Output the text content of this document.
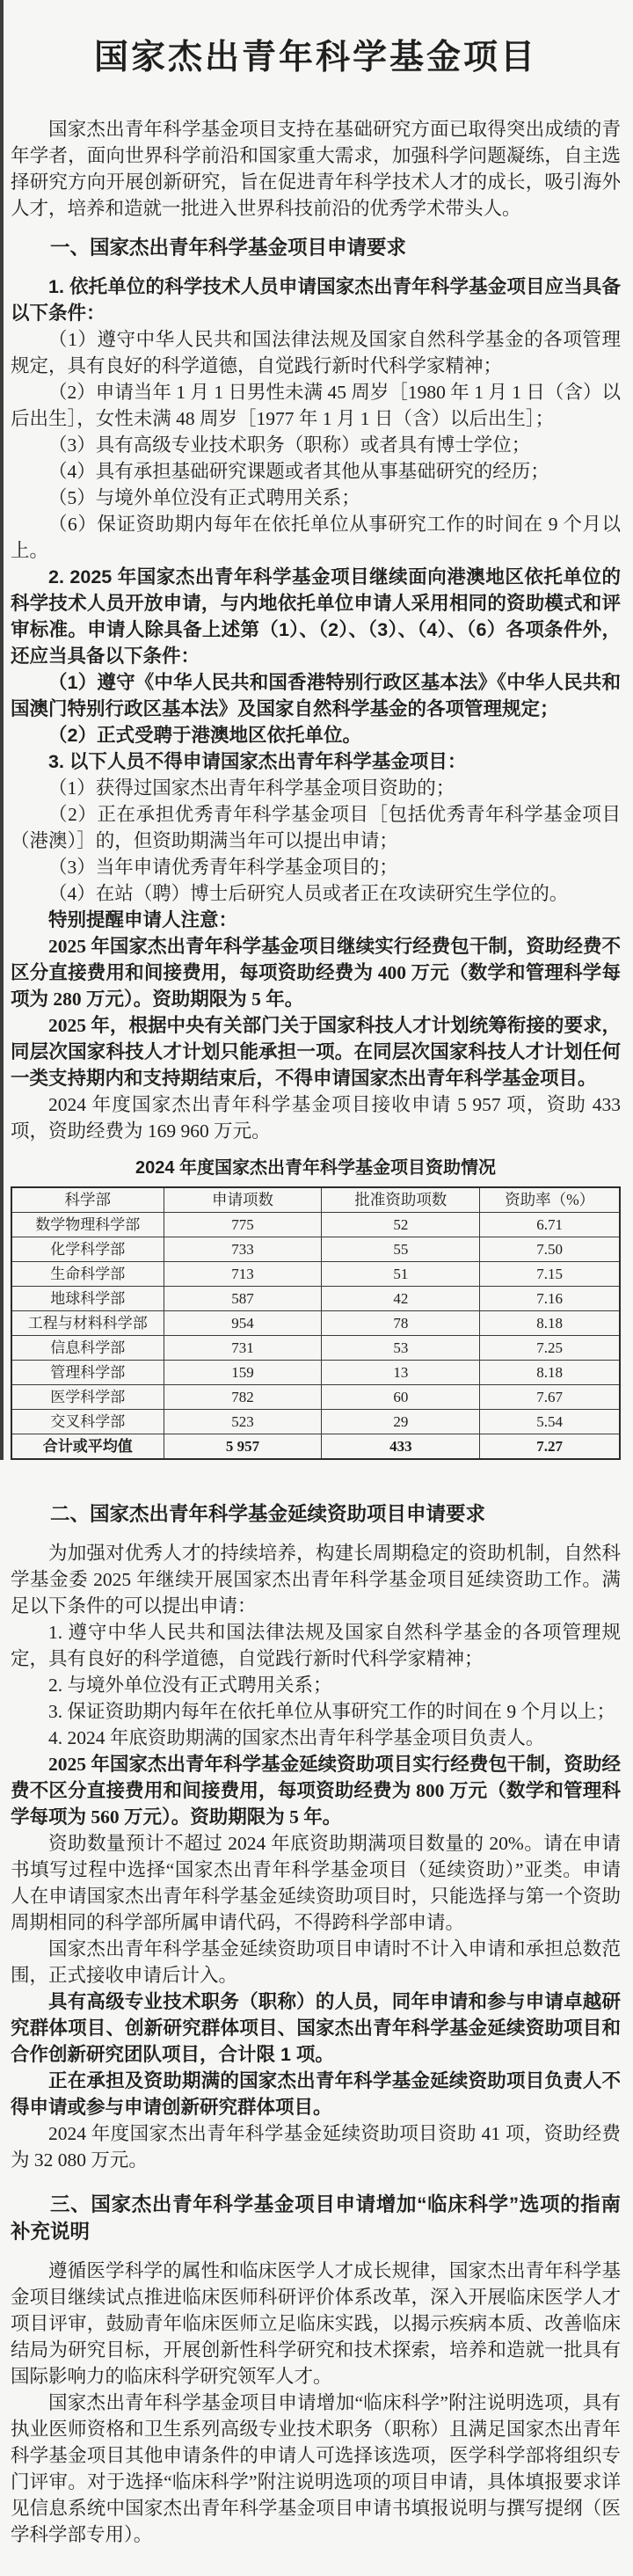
国家杰出青年科学基金项目

国家杰出青年科学基金项目支持在基础研究方面已取得突出成绩的青年学者，面向世界科学前沿和国家重大需求，加强科学问题凝练，自主选择研究方向开展创新研究，旨在促进青年科学技术人才的成长，吸引海外人才，培养和造就一批进入世界科技前沿的优秀学术带头人。

一、国家杰出青年科学基金项目申请要求

1. 依托单位的科学技术人员申请国家杰出青年科学基金项目应当具备以下条件：

（1）遵守中华人民共和国法律法规及国家自然科学基金的各项管理规定，具有良好的科学道德，自觉践行新时代科学家精神；

（2）申请当年 1 月 1 日男性未满 45 周岁［1980 年 1 月 1 日（含）以后出生］，女性未满 48 周岁［1977 年 1 月 1 日（含）以后出生］；

（3）具有高级专业技术职务（职称）或者具有博士学位；

（4）具有承担基础研究课题或者其他从事基础研究的经历；

（5）与境外单位没有正式聘用关系；

（6）保证资助期内每年在依托单位从事研究工作的时间在 9 个月以上。

2. 2025 年国家杰出青年科学基金项目继续面向港澳地区依托单位的科学技术人员开放申请，与内地依托单位申请人采用相同的资助模式和评审标准。申请人除具备上述第（1）、（2）、（3）、（4）、（6）各项条件外，还应当具备以下条件：

（1）遵守《中华人民共和国香港特别行政区基本法》《中华人民共和国澳门特别行政区基本法》及国家自然科学基金的各项管理规定；

（2）正式受聘于港澳地区依托单位。

3. 以下人员不得申请国家杰出青年科学基金项目：

（1）获得过国家杰出青年科学基金项目资助的；

（2）正在承担优秀青年科学基金项目［包括优秀青年科学基金项目（港澳）］的，但资助期满当年可以提出申请；

（3）当年申请优秀青年科学基金项目的；

（4）在站（聘）博士后研究人员或者正在攻读研究生学位的。

特别提醒申请人注意：

2025 年国家杰出青年科学基金项目继续实行经费包干制，资助经费不区分直接费用和间接费用，每项资助经费为 400 万元（数学和管理科学每项为 280 万元）。资助期限为 5 年。

2025 年，根据中央有关部门关于国家科技人才计划统筹衔接的要求，同层次国家科技人才计划只能承担一项。在同层次国家科技人才计划任何一类支持期内和支持期结束后，不得申请国家杰出青年科学基金项目。

2024 年度国家杰出青年科学基金项目接收申请 5 957 项，资助 433 项，资助经费为 169 960 万元。

2024 年度国家杰出青年科学基金项目资助情况
科学部	申请项数	批准资助项数	资助率（%）
数学物理科学部	775	52	6.71
化学科学部	733	55	7.50
生命科学部	713	51	7.15
地球科学部	587	42	7.16
工程与材料科学部	954	78	8.18
信息科学部	731	53	7.25
管理科学部	159	13	8.18
医学科学部	782	60	7.67
交叉科学部	523	29	5.54
合计或平均值	5 957	433	7.27
二、国家杰出青年科学基金延续资助项目申请要求

为加强对优秀人才的持续培养，构建长周期稳定的资助机制，自然科学基金委 2025 年继续开展国家杰出青年科学基金项目延续资助工作。满足以下条件的可以提出申请：

1. 遵守中华人民共和国法律法规及国家自然科学基金的各项管理规定，具有良好的科学道德，自觉践行新时代科学家精神；

2. 与境外单位没有正式聘用关系；

3. 保证资助期内每年在依托单位从事研究工作的时间在 9 个月以上；

4. 2024 年底资助期满的国家杰出青年科学基金项目负责人。

2025 年国家杰出青年科学基金延续资助项目实行经费包干制，资助经费不区分直接费用和间接费用，每项资助经费为 800 万元（数学和管理科学每项为 560 万元）。资助期限为 5 年。

资助数量预计不超过 2024 年底资助期满项目数量的 20%。请在申请书填写过程中选择“国家杰出青年科学基金项目（延续资助）”亚类。申请人在申请国家杰出青年科学基金延续资助项目时，只能选择与第一个资助周期相同的科学部所属申请代码，不得跨科学部申请。

国家杰出青年科学基金延续资助项目申请时不计入申请和承担总数范围，正式接收申请后计入。

具有高级专业技术职务（职称）的人员，同年申请和参与申请卓越研究群体项目、创新研究群体项目、国家杰出青年科学基金延续资助项目和合作创新研究团队项目，合计限 1 项。

正在承担及资助期满的国家杰出青年科学基金延续资助项目负责人不得申请或参与申请创新研究群体项目。

2024 年度国家杰出青年科学基金延续资助项目资助 41 项，资助经费为 32 080 万元。

三、国家杰出青年科学基金项目申请增加“临床科学”选项的指南补充说明

遵循医学科学的属性和临床医学人才成长规律，国家杰出青年科学基金项目继续试点推进临床医师科研评价体系改革，深入开展临床医学人才项目评审，鼓励青年临床医师立足临床实践，以揭示疾病本质、改善临床结局为研究目标，开展创新性科学研究和技术探索，培养和造就一批具有国际影响力的临床科学研究领军人才。

国家杰出青年科学基金项目申请增加“临床科学”附注说明选项，具有执业医师资格和卫生系列高级专业技术职务（职称）且满足国家杰出青年科学基金项目其他申请条件的申请人可选择该选项，医学科学部将组织专门评审。对于选择“临床科学”附注说明选项的项目申请，具体填报要求详见信息系统中国家杰出青年科学基金项目申请书填报说明与撰写提纲（医学科学部专用）。
